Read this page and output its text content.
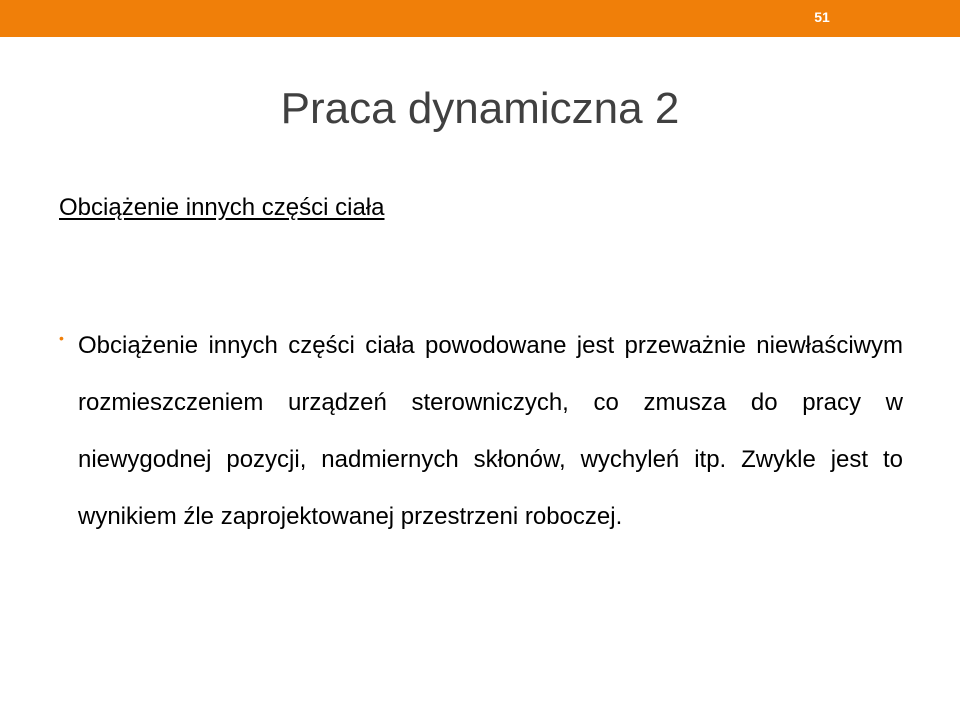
51
Praca dynamiczna 2
Obciążenie innych części ciała
• Obciążenie innych części ciała powodowane jest przeważnie niewłaściwym rozmieszczeniem urządzeń sterowniczych, co zmusza do pracy w niewygodnej pozycji, nadmiernych skłonów, wychyleń itp. Zwykle jest to wynikiem źle zaprojektowanej przestrzeni roboczej.
